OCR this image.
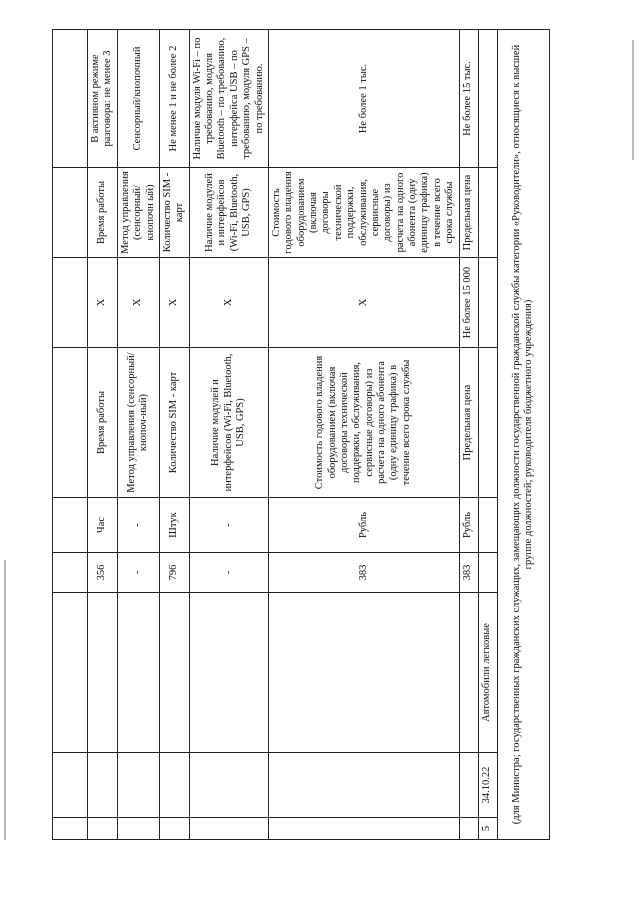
			356	Час	Время работы	X	Время работы	В активном режиме разговора: не менее 3
			-	-	Метод управления (сенсорный/кнопоч-ный)	X	Метод управления (сенсорный/кнопочн ый)	Сенсорный/кнопочный
			796	Штук	Количество SIM - карт	X	Количество SIM - карт	Не менее 1 и не более 2
			-	-	Наличие модулей и интерфейсов (Wi-Fi, Bluetooth, USB, GPS)	X	Наличие модулей и интерфейсов (Wi-Fi, Bluetooth, USB, GPS)	Наличие модуля Wi-Fi – по требованию, модуля Bluetooth – по требованию, интерфейса USB – по требованию, модуля GPS – по требованию.
			383	Рубль	Стоимость годового владения оборудованием (включая договоры технической поддержки, обслуживания, сервисные договоры) из расчета на одного абонента (одну единицу трафика) в течение всего срока службы	X	Стоимость годового владения оборудованием (включая договоры технической поддержки, обслуживания, сервисные договоры) из расчета на одного абонента (одну единицу трафика) в течение всего срока службы	Не более 1 тыс.
			383	Рубль	Предельная цена	Не более 15 000	Предельная цена	Не более 15 тыс.
5	34.10.22	Автомобили легковые						
(для Министра; государственных гражданских служащих, замещающих должности государственной гражданской службы категории «Руководители», относящиеся к высшей группе должностей; руководителя бюджетного учреждения)								
